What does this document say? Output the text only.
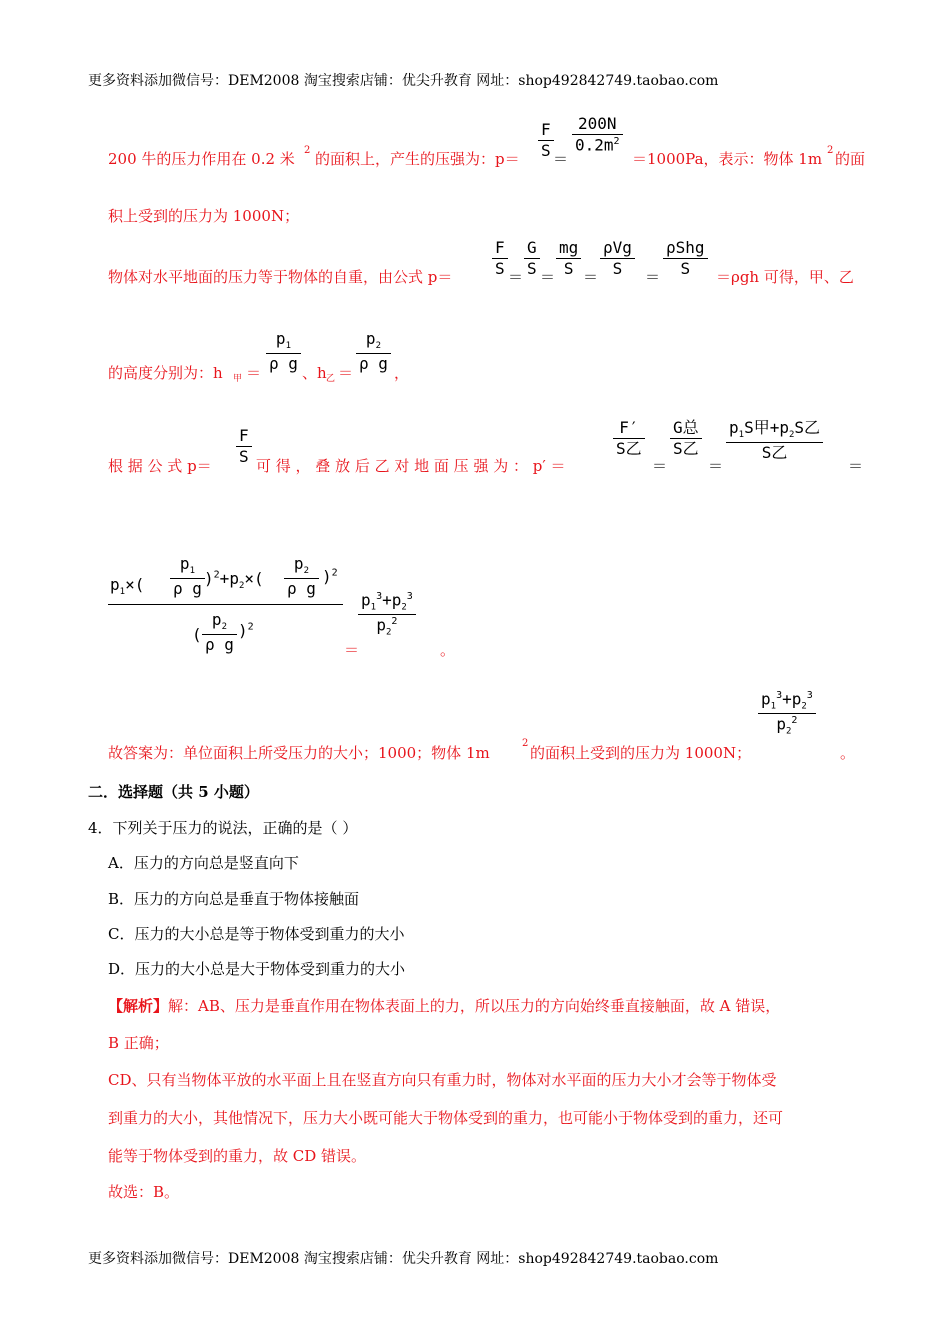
更多资料添加微信号：DEM2008 淘宝搜索店铺：优尖升教育 网址：shop492842749.taobao.com
200 牛的压力作用在 0.2 米 2 的面积上，产生的压强为：$p= \frac{F}{S}$ ＝
$\frac{200N}{0.2m^2}$
＝1000Pa，表示：物体 1m 2 的面
积上受到的压力为 1000N；
物体对水平地面的压力等于物体的自重，由公式 $p= \frac{F}{S} = \frac{G}{S} = \frac{mg}{S}$ ＝
ρVg
S	＝
ρShg
S	＝ρgh 可得，甲、乙
的高度分别为：h 甲 ＝
$\frac{p_1}{\text{ρ g}}$
、h 乙 ＝
$\frac{p_2}{\text{ρ g}}$
，
根 据 公 式 p＝
$\frac{F}{S}$
可 得 ， 叠 放 后 乙 对 地 面 压 强 为 ： p′ ＝
F′
S乙
＝
G总
S乙
＝
$p_1S$甲$+p_2S$乙
S乙
＝
$p_1\times( \frac{p_1}{\text{ρ g}} )^2+p_2\times( \frac{p_2}{\text{ρ g}} )^2$
( $\frac{p_2}{\text{ρ g}} )^2$
＝
$\frac{p_1^3+p_2^3}{p_2^2}$
。
故答案为：单位面积上所受压力的大小；1000；物体 1m
2
的面积上受到的压力为 1000N；
$\frac{p_1^3+p_2^3}{p_2^2}$
。
二．选择题（共 5 小题）
4．下列关于压力的说法，正确的是（ ）
A．压力的方向总是竖直向下
B．压力的方向总是垂直于物体接触面
C．压力的大小总是等于物体受到重力的大小
D．压力的大小总是大于物体受到重力的大小
【解析】解：AB、压力是垂直作用在物体表面上的力，所以压力的方向始终垂直接触面，故 A 错误，
B 正确；
CD、只有当物体平放的水平面上且在竖直方向只有重力时，物体对水平面的压力大小才会等于物体受
到重力的大小，其他情况下，压力大小既可能大于物体受到的重力，也可能小于物体受到的重力，还可
能等于物体受到的重力，故 CD 错误。
故选：B。
更多资料添加微信号：DEM2008 淘宝搜索店铺：优尖升教育 网址：shop492842749.taobao.com
